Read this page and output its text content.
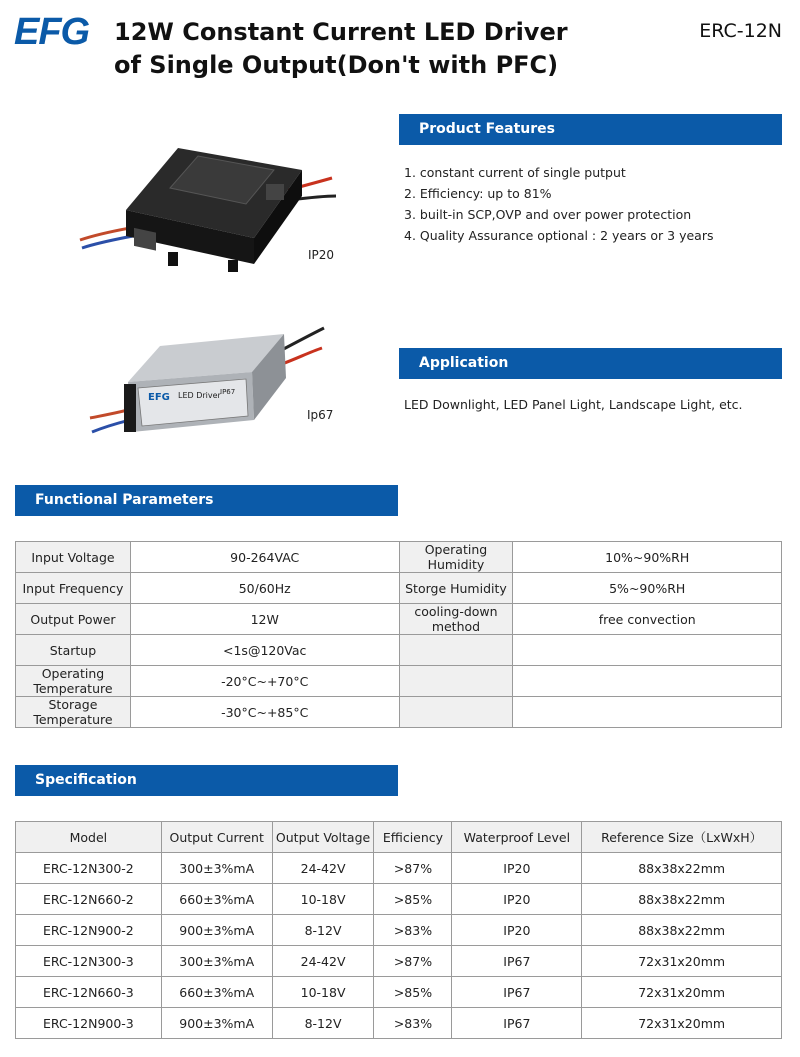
EFG	12W Constant Current LED Driver
of Single Output(Don't with PFC)
ERC-12N
IP20
EFG LED Driver IP67
Ip67
Product Features
1. constant current of single putput
2. Efficiency: up to 81%
3. built-in SCP,OVP and over power protection
4. Quality Assurance optional : 2 years or 3 years
Application
LED Downlight, LED Panel Light, Landscape Light, etc.
Functional Parameters
Input Voltage	90-264VAC	Operating Humidity	10%~90%RH
Input Frequency	50/60Hz	Storge Humidity	5%~90%RH
Output Power	12W	cooling-down method	free convection
Startup	<1s@120Vac		
Operating Temperature	-20°C~+70°C		
Storage Temperature	-30°C~+85°C		
Specification
Model	Output Current	Output Voltage	Efficiency	Waterproof Level	Reference Size（LxWxH）
ERC-12N300-2	300±3%mA	24-42V	>87%	IP20	88x38x22mm
ERC-12N660-2	660±3%mA	10-18V	>85%	IP20	88x38x22mm
ERC-12N900-2	900±3%mA	8-12V	>83%	IP20	88x38x22mm
ERC-12N300-3	300±3%mA	24-42V	>87%	IP67	72x31x20mm
ERC-12N660-3	660±3%mA	10-18V	>85%	IP67	72x31x20mm
ERC-12N900-3	900±3%mA	8-12V	>83%	IP67	72x31x20mm
